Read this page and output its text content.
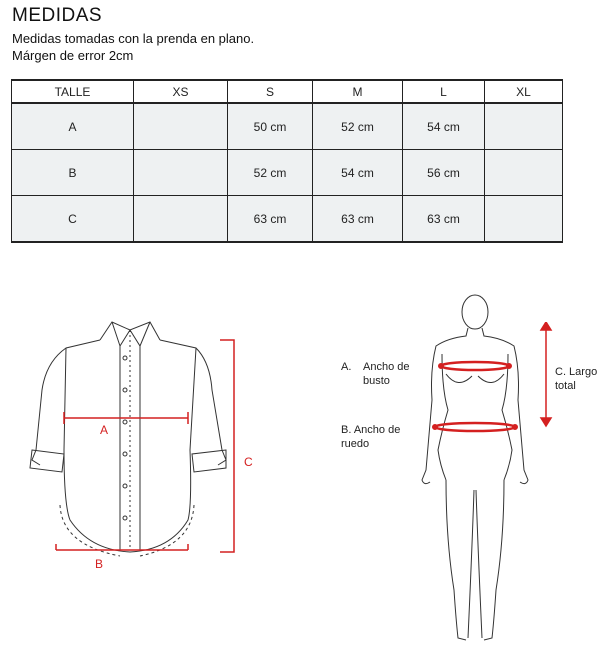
MEDIDAS
Medidas tomadas con la prenda en plano.
Márgen de error 2cm
TALLE	XS	S	M	L	XL
A		50 cm	52 cm	54 cm	
B		52 cm	54 cm	56 cm	
C		63 cm	63 cm	63 cm	
A
B
C
A. Ancho de
busto
B. Ancho de
ruedo
C. Largo
total
